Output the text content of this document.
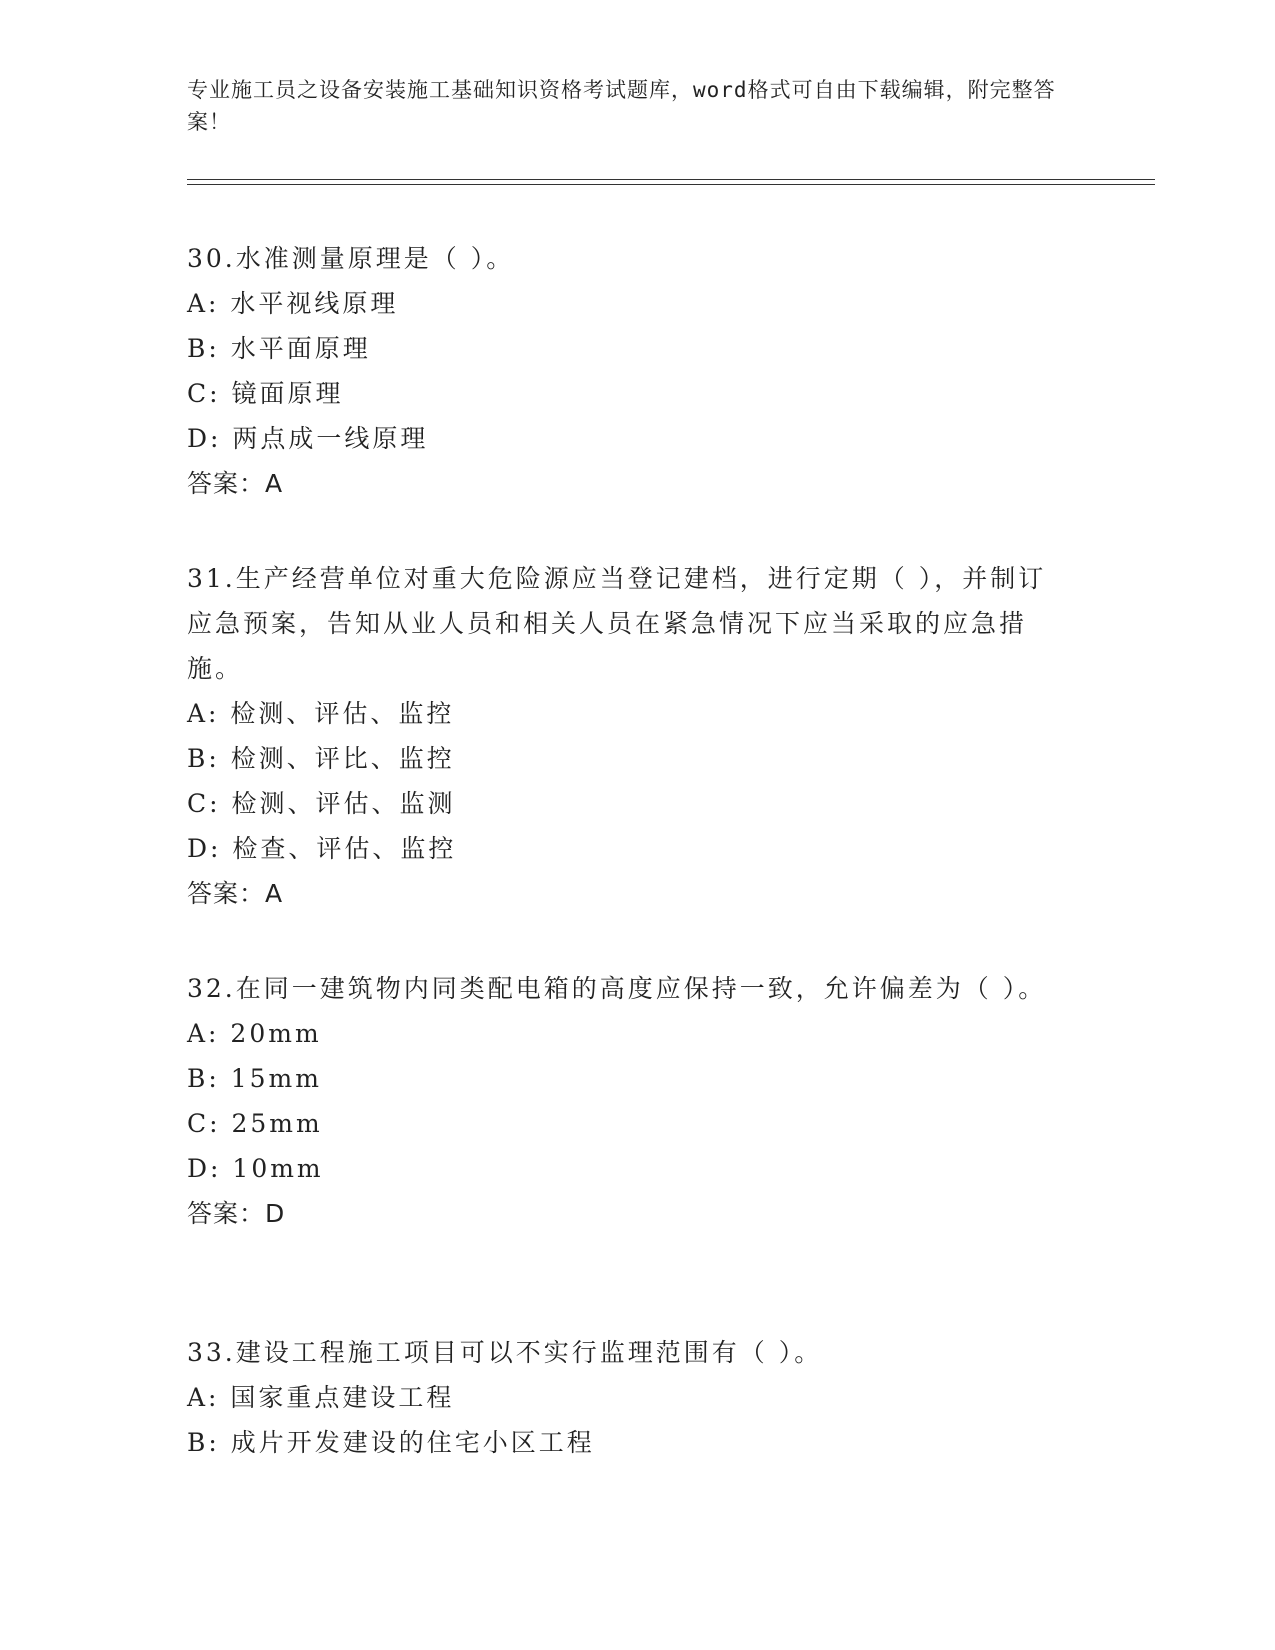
专业施工员之设备安装施工基础知识资格考试题库，word格式可自由下载编辑，附完整答案！
30.水准测量原理是（ ）。
A: 水平视线原理
B: 水平面原理
C: 镜面原理
D: 两点成一线原理
答案：A
31.生产经营单位对重大危险源应当登记建档，进行定期（ ），并制订应急预案，告知从业人员和相关人员在紧急情况下应当采取的应急措施。
A: 检测、评估、监控
B: 检测、评比、监控
C: 检测、评估、监测
D: 检查、评估、监控
答案：A
32.在同一建筑物内同类配电箱的高度应保持一致，允许偏差为（ ）。
A: 20mm
B: 15mm
C: 25mm
D: 10mm
答案：D
33.建设工程施工项目可以不实行监理范围有（ ）。
A: 国家重点建设工程
B: 成片开发建设的住宅小区工程
